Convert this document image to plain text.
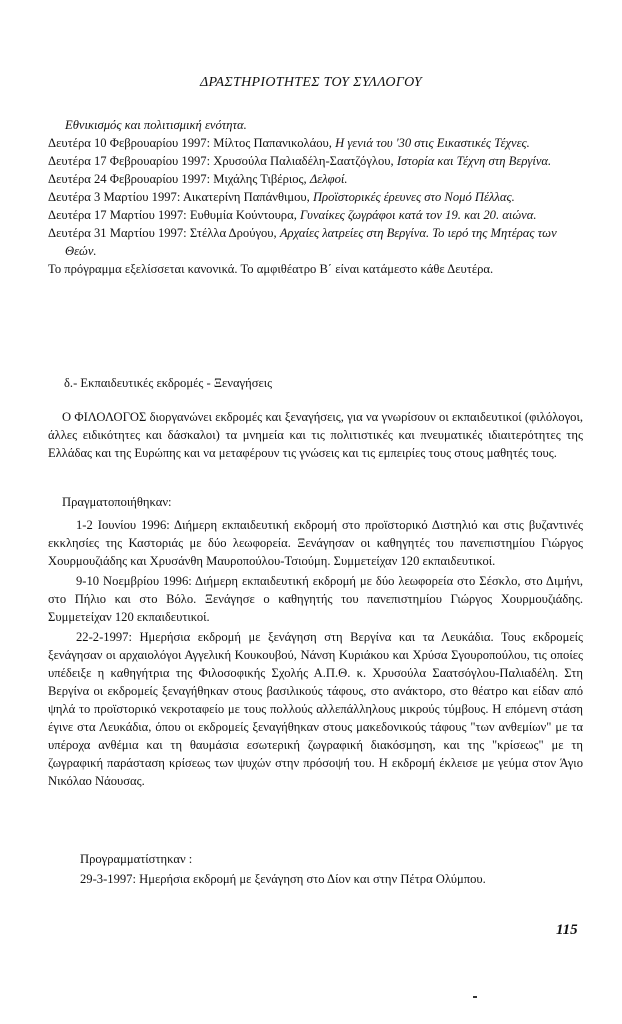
ΔΡΑΣΤΗΡΙΟΤΗΤΕΣ ΤΟΥ ΣΥΛΛΟΓΟΥ

Εθνικισμός και πολιτισμική ενότητα.

Δευτέρα 10 Φεβρουαρίου 1997: Μίλτος Παπανικολάου, Η γενιά του '30 στις Εικαστικές Τέχνες.

Δευτέρα 17 Φεβρουαρίου 1997: Χρυσούλα Παλιαδέλη-Σαατζόγλου, Ιστορία και Τέχνη στη Βεργίνα.

Δευτέρα 24 Φεβρουαρίου 1997: Μιχάλης Τιβέριος, Δελφοί.

Δευτέρα 3 Μαρτίου 1997: Αικατερίνη Παπάνθιμου, Προϊστορικές έρευνες στο Νομό Πέλλας.

Δευτέρα 17 Μαρτίου 1997: Ευθυμία Κούντουρα, Γυναίκες ζωγράφοι κατά τον 19. και 20. αιώνα.

Δευτέρα 31 Μαρτίου 1997: Στέλλα Δρούγου, Αρχαίες λατρείες στη Βεργίνα. Το ιερό της Μητέρας των Θεών.

Το πρόγραμμα εξελίσσεται κανονικά. Το αμφιθέατρο Β΄ είναι κατάμεστο κάθε Δευτέρα.

δ.- Εκπαιδευτικές εκδρομές - Ξεναγήσεις

Ο ΦΙΛΟΛΟΓΟΣ διοργανώνει εκδρομές και ξεναγήσεις, για να γνωρίσουν οι εκπαιδευτικοί (φιλόλογοι, άλλες ειδικότητες και δάσκαλοι) τα μνημεία και τις πολιτιστικές και πνευματικές ιδιαιτερότητες της Ελλάδας και της Ευρώπης και να μεταφέρουν τις γνώσεις και τις εμπειρίες τους στους μαθητές τους.

Πραγματοποιήθηκαν:

1-2 Ιουνίου 1996: Διήμερη εκπαιδευτική εκδρομή στο προϊστορικό Διστηλιό και στις βυζαντινές εκκλησίες της Καστοριάς με δύο λεωφορεία. Ξενάγησαν οι καθηγητές του πανεπιστημίου Γιώργος Χουρμουζιάδης και Χρυσάνθη Μαυροπούλου-Τσιούμη. Συμμετείχαν 120 εκπαιδευτικοί.

9-10 Νοεμβρίου 1996: Διήμερη εκπαιδευτική εκδρομή με δύο λεωφορεία στο Σέσκλο, στο Διμήνι, στο Πήλιο και στο Βόλο. Ξενάγησε ο καθηγητής του πανεπιστημίου Γιώργος Χουρμουζιάδης. Συμμετείχαν 120 εκπαιδευτικοί.

22-2-1997: Ημερήσια εκδρομή με ξενάγηση στη Βεργίνα και τα Λευκάδια. Τους εκδρομείς ξενάγησαν οι αρχαιολόγοι Αγγελική Κουκουβού, Νάνση Κυριάκου και Χρύσα Σγουροπούλου, τις οποίες υπέδειξε η καθηγήτρια της Φιλοσοφικής Σχολής Α.Π.Θ. κ. Χρυσούλα Σαατσόγλου-Παλιαδέλη. Στη Βεργίνα οι εκδρομείς ξεναγήθηκαν στους βασιλικούς τάφους, στο ανάκτορο, στο θέατρο και είδαν από ψηλά το προϊστορικό νεκροταφείο με τους πολλούς αλλεπάλληλους μικρούς τύμβους. Η επόμενη στάση έγινε στα Λευκάδια, όπου οι εκδρομείς ξεναγήθηκαν στους μακεδονικούς τάφους "των ανθεμίων" με τα υπέροχα ανθέμια και τη θαυμάσια εσωτερική ζωγραφική διακόσμηση, και της "κρίσεως" με τη ζωγραφική παράσταση κρίσεως των ψυχών στην πρόσοψή του. Η εκδρομή έκλεισε με γεύμα στον Άγιο Νικόλαο Νάουσας.

Προγραμματίστηκαν :
29-3-1997: Ημερήσια εκδρομή με ξενάγηση στο Δίον και στην Πέτρα Ολύμπου.
115
